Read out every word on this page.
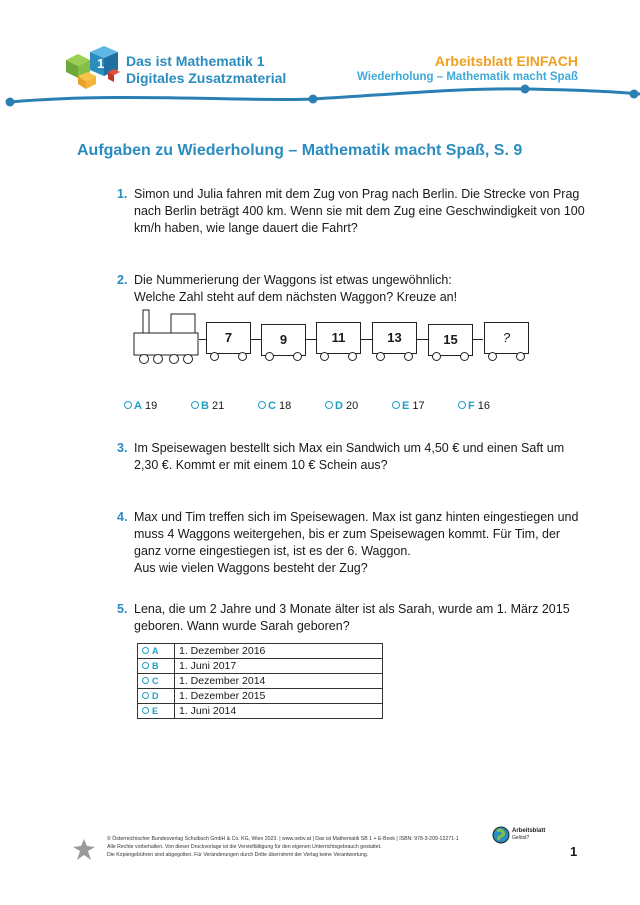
1 Das ist Mathematik 1
Digitales Zusatzmaterial
Arbeitsblatt EINFACH
Wiederholung – Mathematik macht Spaß
Aufgaben zu Wiederholung – Mathematik macht Spaß, S. 9
1. Simon und Julia fahren mit dem Zug von Prag nach Berlin. Die Strecke von Prag
nach Berlin beträgt 400 km. Wenn sie mit dem Zug eine Geschwindigkeit von 100
km/h haben, wie lange dauert die Fahrt?
2. Die Nummerierung der Waggons ist etwas ungewöhnlich:
Welche Zahl steht auf dem nächsten Waggon? Kreuze an!
7	9	11	13	15	?
A 19	B 21	C 18	D 20	E 17	F 16
3. Im Speisewagen bestellt sich Max ein Sandwich um 4,50 € und einen Saft um
2,30 €. Kommt er mit einem 10 € Schein aus?
4. Max und Tim treffen sich im Speisewagen. Max ist ganz hinten eingestiegen und
muss 4 Waggons weitergehen, bis er zum Speisewagen kommt. Für Tim, der
ganz vorne eingestiegen ist, ist es der 6. Waggon.
Aus wie vielen Waggons besteht der Zug?
5. Lena, die um 2 Jahre und 3 Monate älter ist als Sarah, wurde am 1. März 2015
geboren. Wann wurde Sarah geboren?
A	1. Dezember 2016
B	1. Juni 2017
C	1. Dezember 2014
D	1. Dezember 2015
E	1. Juni 2014
© Österreichischer Bundesverlag Schulbuch GmbH & Co. KG, Wien 2023. | www.oebv.at | Das ist Mathematik SB 1 + E-Book | ISBN: 978-3-209-12271-1
Alle Rechte vorbehalten. Von dieser Druckvorlage ist die Vervielfältigung für den eigenen Unterrichtsgebrauch gestattet.
Die Kopiergebühren sind abgegolten. Für Veränderungen durch Dritte übernimmt der Verlag keine Verantwortung.
Arbeitsblatt
Gelöst?
1
